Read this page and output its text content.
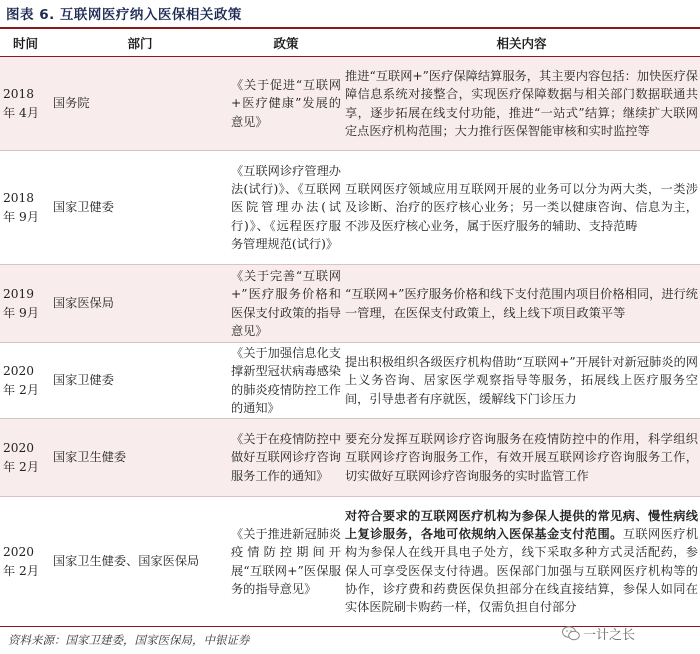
图表 6. 互联网医疗纳入医保相关政策
时间	部门	政策	相关内容
2018 年 4月	国务院	《关于促进“互联网+医疗健康”发展的意见》	推进“互联网+”医疗保障结算服务，其主要内容包括：加快医疗保障信息系统对接整合，实现医疗保障数据与相关部门数据联通共享，逐步拓展在线支付功能，推进“一站式”结算；继续扩大联网定点医疗机构范围；大力推行医保智能审核和实时监控等
2018 年 9月	国家卫健委	《互联网诊疗管理办法(试行)》、《互联网医院管理办法(试行)》、《远程医疗服务管理规范(试行)》	互联网医疗领域应用互联网开展的业务可以分为两大类，一类涉及诊断、治疗的医疗核心业务；另一类以健康咨询、信息为主，不涉及医疗核心业务，属于医疗服务的辅助、支持范畴
2019 年 9月	国家医保局	《关于完善“互联网+”医疗服务价格和医保支付政策的指导意见》	“互联网+”医疗服务价格和线下支付范围内项目价格相同，进行统一管理，在医保支付政策上，线上线下项目政策平等
2020 年 2月	国家卫健委	《关于加强信息化支撑新型冠状病毒感染的肺炎疫情防控工作的通知》	提出积极组织各级医疗机构借助“互联网+”开展针对新冠肺炎的网上义务咨询、居家医学观察指导等服务，拓展线上医疗服务空间，引导患者有序就医，缓解线下门诊压力
2020 年 2月	国家卫生健委	《关于在疫情防控中做好互联网诊疗咨询服务工作的通知》	要充分发挥互联网诊疗咨询服务在疫情防控中的作用，科学组织互联网诊疗咨询服务工作，有效开展互联网诊疗咨询服务工作，切实做好互联网诊疗咨询服务的实时监管工作
2020 年 2月	国家卫生健委、国家医保局	《关于推进新冠肺炎疫情防控期间开展“互联网+”医保服务的指导意见》	对符合要求的互联网医疗机构为参保人提供的常见病、慢性病线上复诊服务，各地可依规纳入医保基金支付范围。互联网医疗机构为参保人在线开具电子处方，线下采取多种方式灵活配药，参保人可享受医保支付待遇。医保部门加强与互联网医疗机构等的协作，诊疗费和药费医保负担部分在线直接结算，参保人如同在实体医院刷卡购药一样，仅需负担自付部分
资料来源：国家卫建委，国家医保局，中银证券	一计之长
